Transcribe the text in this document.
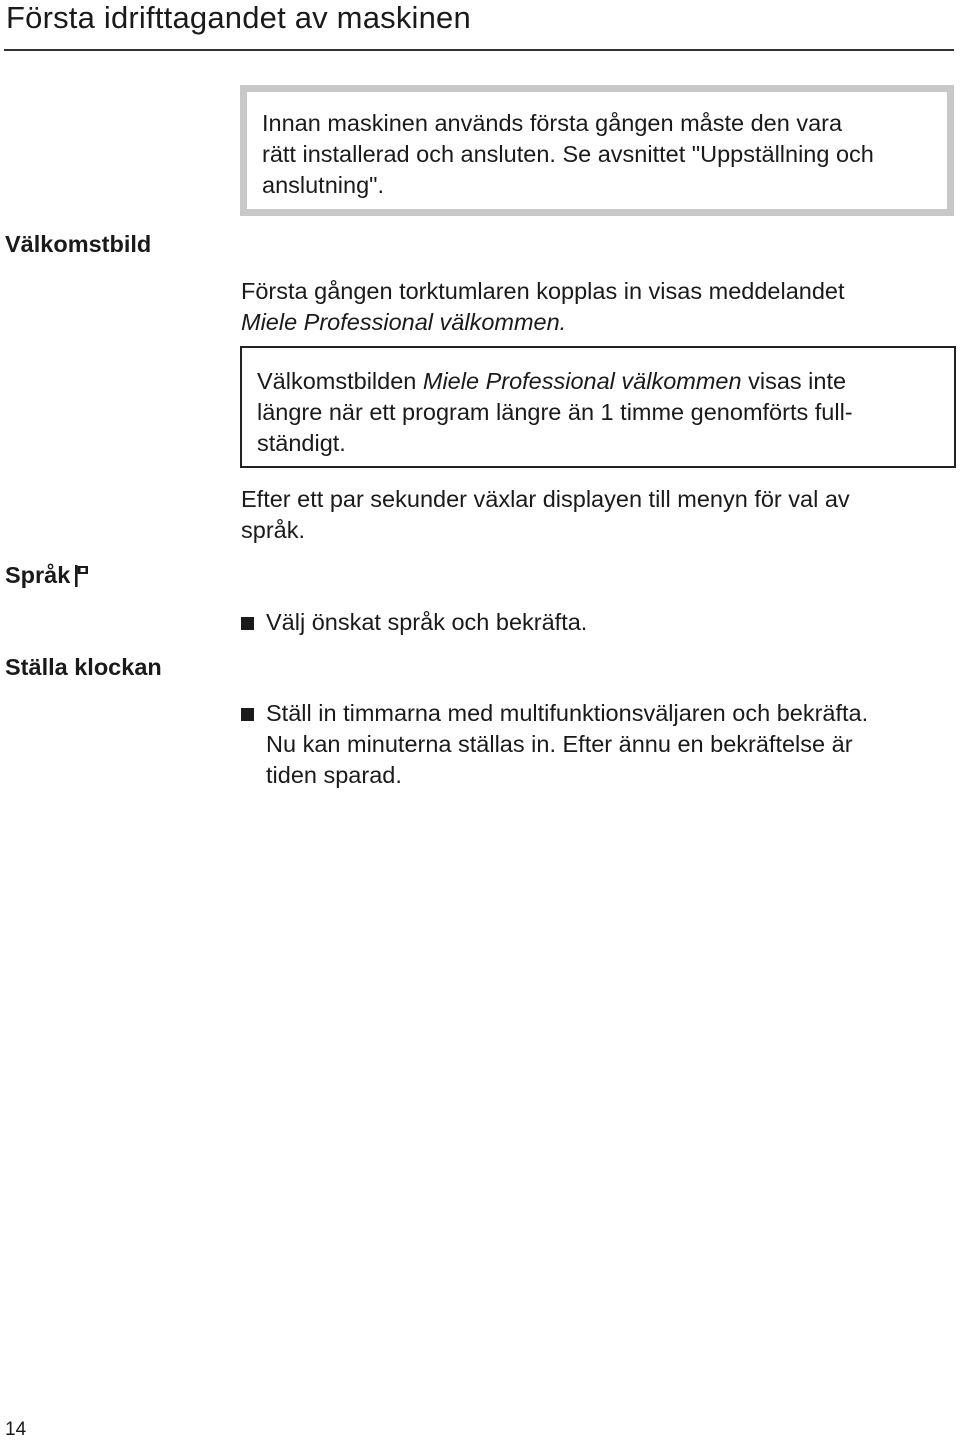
Första idrifttagandet av maskinen

Innan maskinen används första gången måste den vara
rätt installerad och ansluten. Se avsnittet "Uppställning och
anslutning".

Välkomstbild

Första gången torktumlaren kopplas in visas meddelandet
Miele Professional välkommen.

Välkomstbilden Miele Professional välkommen visas inte
längre när ett program längre än 1 timme genomförts full-
ständigt.

Efter ett par sekunder växlar displayen till menyn för val av
språk.

Språk

Välj önskat språk och bekräfta.

Ställa klockan

Ställ in timmarna med multifunktionsväljaren och bekräfta.
Nu kan minuterna ställas in. Efter ännu en bekräftelse är
tiden sparad.

14
